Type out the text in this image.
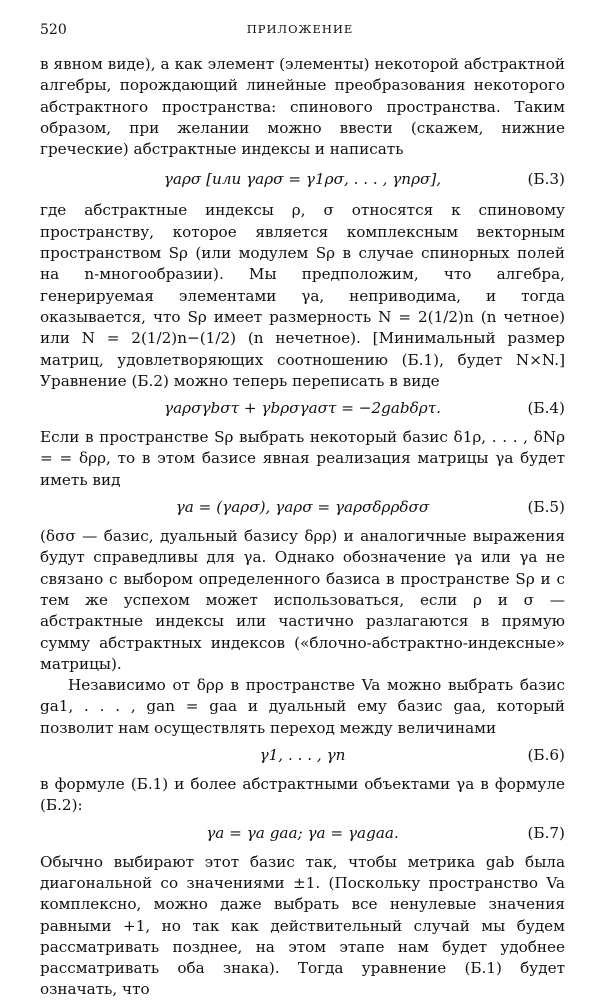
520	ПРИЛОЖЕНИЕ

в явном виде), а как элемент (элементы) некоторой абстрактной алгебры, порождающий линейные преобразования некоторого абстрактного пространства: спинового пространства. Таким образом, при желании можно ввести (скажем, нижние греческие) абстрактные индексы и написать

γaρσ [или γaρσ = γ1ρσ, . . . , γnρσ],	(Б.3)

где абстрактные индексы ρ, σ относятся к спиновому пространству, которое является комплексным векторным пространством Sρ (или модулем Sρ в случае спинорных полей на n-многообразии). Мы предположим, что алгебра, генерируемая элементами γa, неприводима, и тогда оказывается, что Sρ имеет размерность N = 2(1/2)n (n четное) или N = 2(1/2)n−(1/2) (n нечетное). [Минимальный размер матриц, удовлетворяющих соотношению (Б.1), будет N×N.] Уравнение (Б.2) можно теперь переписать в виде

γaρσγbστ + γbρσγaστ = −2gabδρτ.	(Б.4)

Если в пространстве Sρ выбрать некоторый базис δ1ρ, . . . , δNρ = = δρρ, то в этом базисе явная реализация матрицы γa будет иметь вид

γa = (γaρσ), γaρσ = γaρσδρρδσσ	(Б.5)

(δσσ — базис, дуальный базису δρρ) и аналогичные выражения будут справедливы для γa. Однако обозначение γa или γa не связано с выбором определенного базиса в пространстве Sρ и с тем же успехом может использоваться, если ρ и σ — абстрактные индексы или частично разлагаются в прямую сумму абстрактных индексов («блочно-абстрактно-индексные» матрицы).

Независимо от δρρ в пространстве Va можно выбрать базис ga1, . . . , gan = gaa и дуальный ему базис gaa, который позволит нам осуществлять переход между величинами

γ1, . . . , γn	(Б.6)

в формуле (Б.1) и более абстрактными объектами γa в формуле (Б.2):

γa = γa gaa; γa = γagaa.	(Б.7)

Обычно выбирают этот базис так, чтобы метрика gab была диагональной со значениями ±1. (Поскольку пространство Va комплексно, можно даже выбрать все ненулевые значения равными +1, но так как действительный случай мы будем рассматривать позднее, на этом этапе нам будет удобнее рассматривать оба знака). Тогда уравнение (Б.1) будет означать, что
